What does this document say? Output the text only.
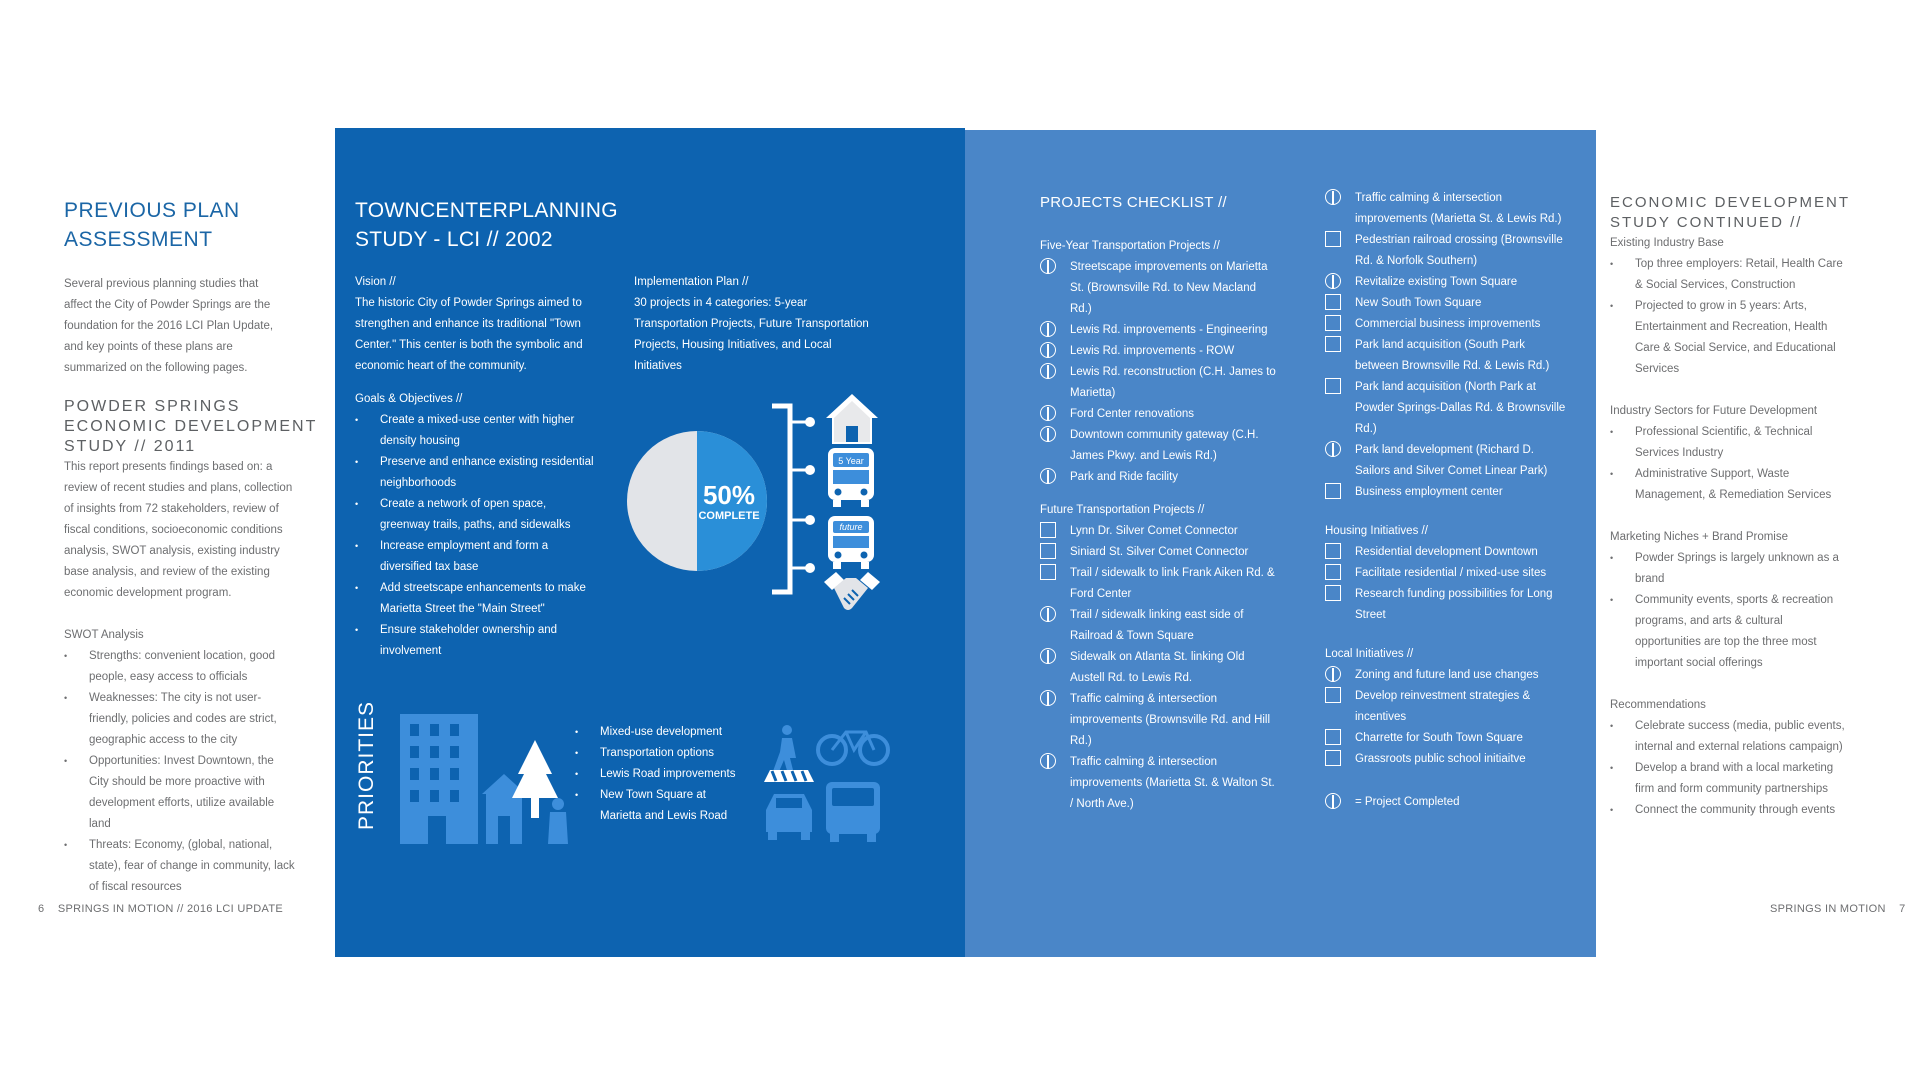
PREVIOUS PLAN ASSESSMENT
Several previous planning studies that affect the City of Powder Springs are the foundation for the 2016 LCI Plan Update, and key points of these plans are summarized on the following pages.
POWDER SPRINGS ECONOMIC DEVELOPMENT STUDY // 2011
This report presents findings based on: a review of recent studies and plans, collection of insights from 72 stakeholders, review of fiscal conditions, socioeconomic conditions analysis, SWOT analysis, existing industry base analysis, and review of the existing economic development program.
SWOT Analysis
• Strengths: convenient location, good people, easy access to officials
• Weaknesses: The city is not user-friendly, policies and codes are strict, geographic access to the city
• Opportunities: Invest Downtown, the City should be more proactive with development efforts, utilize available land
• Threats: Economy, (global, national, state), fear of change in community, lack of fiscal resources
6    SPRINGS IN MOTION // 2016 LCI UPDATE
TOWNCENTERPLANNING STUDY - LCI // 2002
Vision //
The historic City of Powder Springs aimed to strengthen and enhance its traditional "Town Center." This center is both the symbolic and economic heart of the community.
Goals & Objectives //
• Create a mixed-use center with higher density housing
• Preserve and enhance existing residential neighborhoods
• Create a network of open space, greenway trails, paths, and sidewalks
• Increase employment and form a diversified tax base
• Add streetscape enhancements to make Marietta Street the "Main Street"
• Ensure stakeholder ownership and involvement
Implementation Plan //
30 projects in 4 categories: 5-year Transportation Projects, Future Transportation Projects, Housing Initiatives, and Local Initiatives
50%
COMPLETE
5 Year
future
PRIORITIES
•	Mixed-use development
• Transportation options
• Lewis Road improvements
• New Town Square at Marietta and Lewis Road
PROJECTS CHECKLIST //
Five-Year Transportation Projects //
Streetscape improvements on Marietta St. (Brownsville Rd. to New Macland Rd.)
Lewis Rd. improvements - Engineering
Lewis Rd. improvements - ROW
Lewis Rd. reconstruction (C.H. James to Marietta)
Ford Center renovations
Downtown community gateway (C.H. James Pkwy. and Lewis Rd.)
Park and Ride facility
Future Transportation Projects //
Lynn Dr. Silver Comet Connector
Siniard St. Silver Comet Connector
Trail / sidewalk to link Frank Aiken Rd. & Ford Center
Trail / sidewalk linking east side of Railroad & Town Square
Sidewalk on Atlanta St. linking Old Austell Rd. to Lewis Rd.
Traffic calming & intersection improvements (Brownsville Rd. and Hill Rd.)
Traffic calming & intersection improvements (Marietta St. & Walton St. / North Ave.)
Traffic calming & intersection improvements (Marietta St. & Lewis Rd.)
Pedestrian railroad crossing (Brownsville Rd. & Norfolk Southern)
Revitalize existing Town Square
New South Town Square
Commercial business improvements
Park land acquisition (South Park between Brownsville Rd. & Lewis Rd.)
Park land acquisition (North Park at Powder Springs-Dallas Rd. & Brownsville Rd.)
Park land development (Richard D. Sailors and Silver Comet Linear Park)
Business employment center
Housing Initiatives //
Residential development Downtown
Facilitate residential / mixed-use sites
Research funding possibilities for Long Street
Local Initiatives //
Zoning and future land use changes
Develop reinvestment strategies & incentives
Charrette for South Town Square
Grassroots public school initiaitve
= Project Completed
ECONOMIC DEVELOPMENT STUDY CONTINUED //
Existing Industry Base
• Top three employers: Retail, Health Care & Social Services, Construction
• Projected to grow in 5 years: Arts, Entertainment and Recreation, Health Care & Social Service, and Educational Services
Industry Sectors for Future Development
• Professional Scientific, & Technical Services Industry
• Administrative Support, Waste Management, & Remediation Services
Marketing Niches + Brand Promise
• Powder Springs is largely unknown as a brand
• Community events, sports & recreation programs, and arts & cultural opportunities are top the three most important social offerings
Recommendations
• Celebrate success (media, public events, internal and external relations campaign)
• Develop a brand with a local marketing firm and form community partnerships
• Connect the community through events
SPRINGS IN MOTION    7
